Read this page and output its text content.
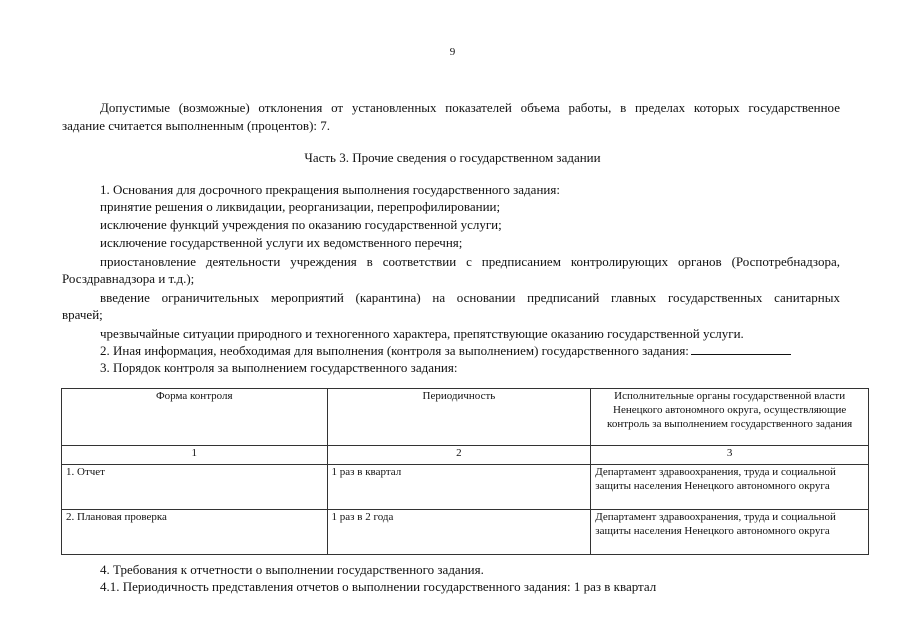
9
Допустимые (возможные) отклонения от установленных показателей объема работы, в пределах которых государственное
задание считается выполненным (процентов): 7.
Часть 3. Прочие сведения о государственном задании
1. Основания для досрочного прекращения выполнения государственного задания:
принятие решения о ликвидации, реорганизации, перепрофилировании;
исключение функций учреждения по оказанию государственной услуги;
исключение государственной услуги их ведомственного перечня;
приостановление деятельности учреждения в соответствии с предписанием контролирующих органов (Роспотребнадзора,
Росздравнадзора и т.д.);
введение ограничительных мероприятий (карантина) на основании предписаний главных государственных санитарных
врачей;
чрезвычайные ситуации природного и техногенного характера, препятствующие оказанию государственной услуги.
2. Иная информация, необходимая для выполнения (контроля за выполнением) государственного задания:
3. Порядок контроля за выполнением государственного задания:
Форма контроля	Периодичность	Исполнительные органы государственной власти Ненецкого автономного округа, осуществляющие контроль за выполнением государственного задания
1	2	3
1. Отчет	1 раз в квартал	Департамент здравоохранения, труда и социальной защиты населения Ненецкого автономного округа
2. Плановая проверка	1 раз в 2 года	Департамент здравоохранения, труда и социальной защиты населения Ненецкого автономного округа
4. Требования к отчетности о выполнении государственного задания.
4.1. Периодичность представления отчетов о выполнении государственного задания: 1 раз в квартал
